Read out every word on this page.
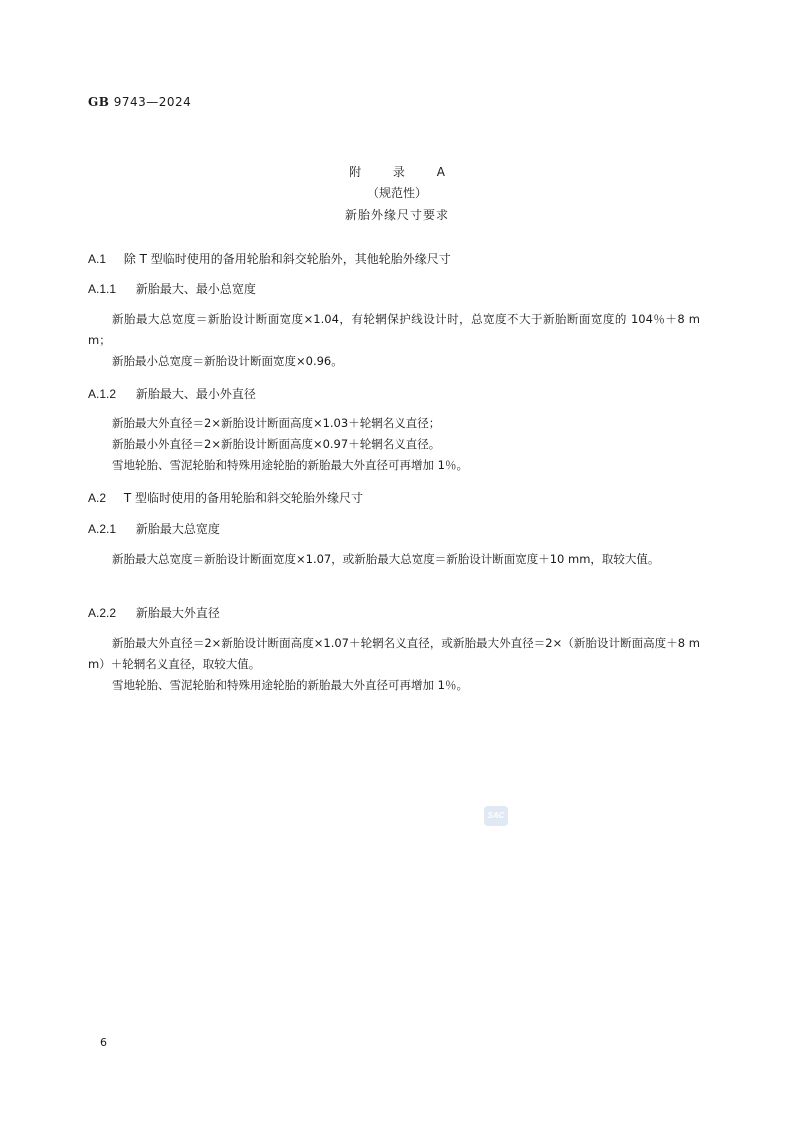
GB 9743—2024
附 录 A
（规范性）
新胎外缘尺寸要求
A.1 除 T 型临时使用的备用轮胎和斜交轮胎外，其他轮胎外缘尺寸
A.1.1 新胎最大、最小总宽度
新胎最大总宽度＝新胎设计断面宽度×1.04，有轮辋保护线设计时，总宽度不大于新胎断面宽度的 104％＋8 mm；
新胎最小总宽度＝新胎设计断面宽度×0.96。
A.1.2 新胎最大、最小外直径
新胎最大外直径＝2×新胎设计断面高度×1.03＋轮辋名义直径；
新胎最小外直径＝2×新胎设计断面高度×0.97＋轮辋名义直径。
雪地轮胎、雪泥轮胎和特殊用途轮胎的新胎最大外直径可再增加 1％。
A.2 T 型临时使用的备用轮胎和斜交轮胎外缘尺寸
A.2.1 新胎最大总宽度
新胎最大总宽度＝新胎设计断面宽度×1.07，或新胎最大总宽度＝新胎设计断面宽度＋10 mm，取较大值。
A.2.2 新胎最大外直径
新胎最大外直径＝2×新胎设计断面高度×1.07＋轮辋名义直径，或新胎最大外直径＝2×（新胎设计断面高度＋8 mm）＋轮辋名义直径，取较大值。
雪地轮胎、雪泥轮胎和特殊用途轮胎的新胎最大外直径可再增加 1％。
SAC
6
